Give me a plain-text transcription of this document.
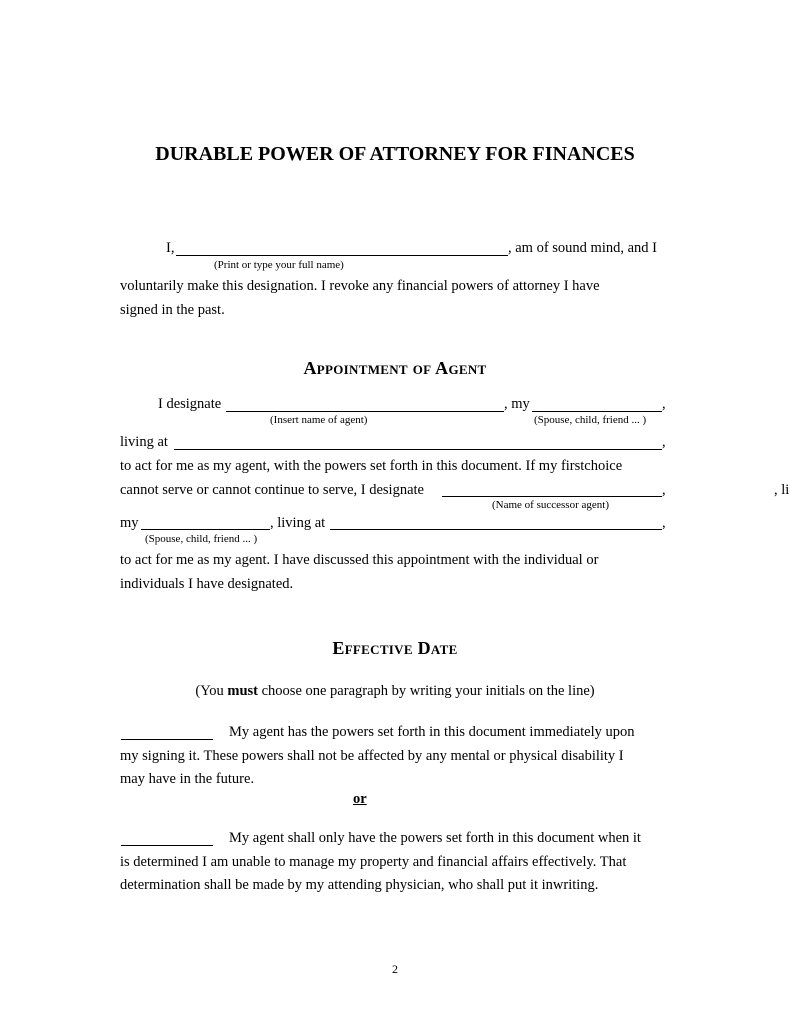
DURABLE POWER OF ATTORNEY FOR FINANCES
I,	, am of sound mind, and I
(Print or type your full name)
voluntarily make this designation. I revoke any financial powers of attorney I have
signed in the past.
Appointment of Agent
I designate	, my	,
(Insert name of agent)	(Spouse, child, friend ... )
living at	,
to act for me as my agent, with the powers set forth in this document. If my firstchoice
cannot serve or cannot continue to serve, I designate	,	, li
(Name of successor agent)
my	, living at	,
(Spouse, child, friend ... )
to act for me as my agent. I have discussed this appointment with the individual or
individuals I have designated.
Effective Date
(You must choose one paragraph by writing your initials on the line)
My agent has the powers set forth in this document immediately upon
my signing it. These powers shall not be affected by any mental or physical disability I
may have in the future.
or
My agent shall only have the powers set forth in this document when it
is determined I am unable to manage my property and financial affairs effectively. That
determination shall be made by my attending physician, who shall put it inwriting.
2
